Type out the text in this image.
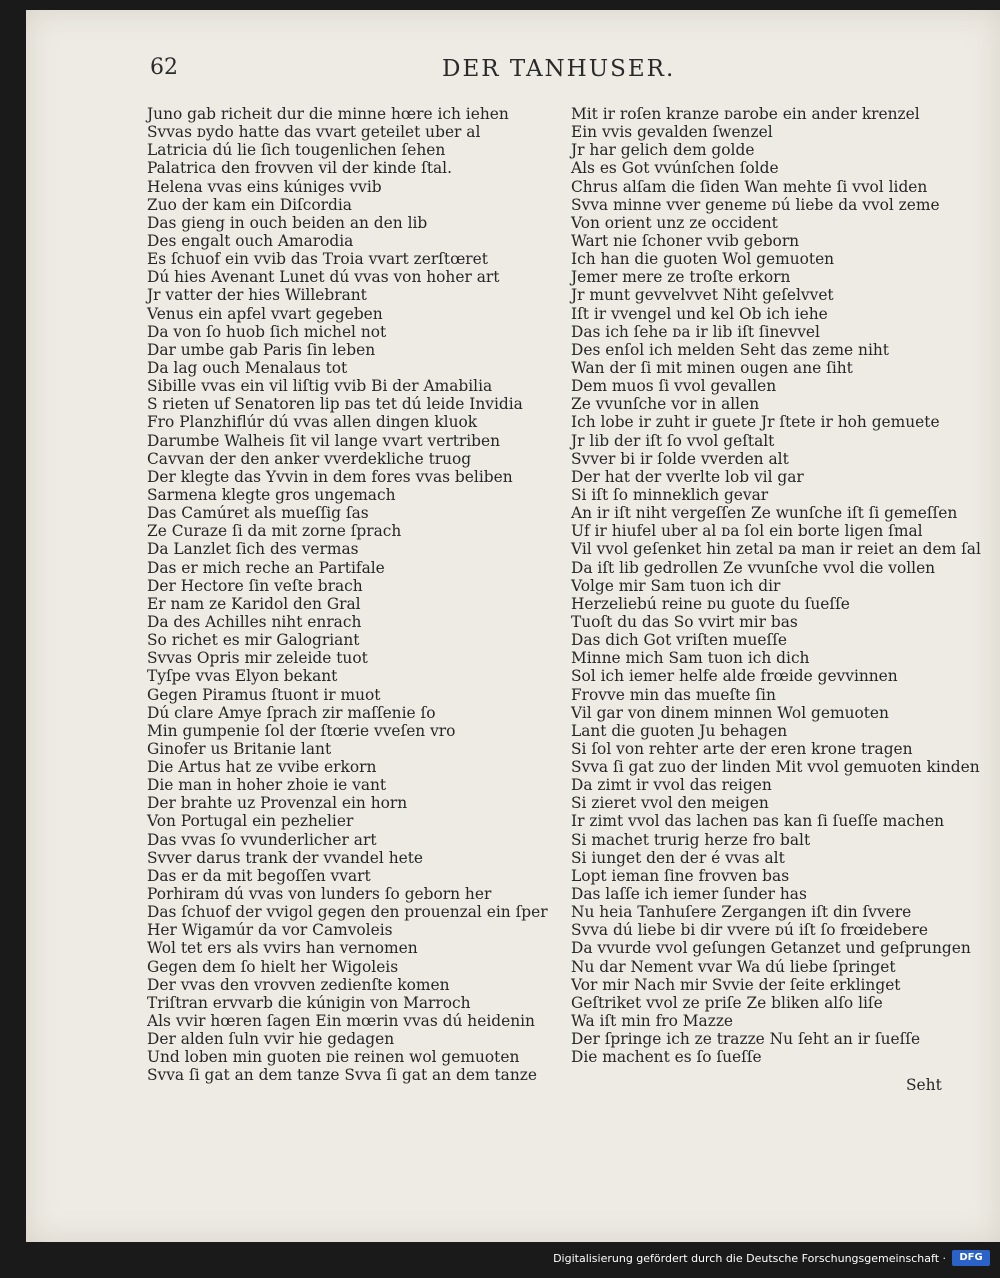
62	DER TANHUSER.
Juno gab richeit dur die minne hœre ich iehen
Svvas ᴅydo hatte das vvart geteilet uber al
Latricia dú lie ſich tougenlichen ſehen
Palatrica den frovven vil der kinde ſtal.
Helena vvas eins kúniges vvib
Zuo der kam ein Diſcordia
Das gieng in ouch beiden an den lib
Des engalt ouch Amarodia
Es ſchuof ein vvib das Troia vvart zerſtœret
Dú hies Avenant Lunet dú vvas von hoher art
Jr vatter der hies Willebrant
Venus ein apfel vvart gegeben
Da von ſo huob ſich michel not
Dar umbe gab Paris ſin leben
Da lag ouch Menalaus tot
Sibille vvas ein vil liſtig vvib Bi der Amabilia
S rieten uf Senatoren lip ᴅas tet dú leide Invidia
Fro Planzhiflúr dú vvas allen dingen kluok
Darumbe Walheis ſit vil lange vvart vertriben
Cavvan der den anker vverdekliche truog
Der klegte das Yvvin in dem fores vvas beliben
Sarmena klegte gros ungemach
Das Camúret als mueſſig ſas
Ze Curaze ſi da mit zorne ſprach
Da Lanzlet ſich des vermas
Das er mich reche an Partifale
Der Hectore ſin veſte brach
Er nam ze Karidol den Gral
Da des Achilles niht enrach
So richet es mir Galogriant
Svvas Opris mir zeleide tuot
Tyſpe vvas Elyon bekant
Gegen Piramus ſtuont ir muot
Dú clare Amye ſprach zir maſſenie ſo
Min gumpenie ſol der ſtœrie vveſen vro
Ginofer us Britanie lant
Die Artus hat ze vvibe erkorn
Die man in hoher zhoie ie vant
Der brahte uz Provenzal ein horn
Von Portugal ein pezhelier
Das vvas ſo vvunderlicher art
Svver darus trank der vvandel hete
Das er da mit begoſſen vvart
Porhiram dú vvas von lunders ſo geborn her
Das ſchuof der vvigol gegen den prouenzal ein ſper
Her Wigamúr da vor Camvoleis
Wol tet ers als vvirs han vernomen
Gegen dem ſo hielt her Wigoleis
Der vvas den vrovven zedienſte komen
Triſtran ervvarb die kúnigin von Marroch
Als vvir hœren ſagen Ein mœrin vvas dú heidenin
Der alden ſuln vvir hie gedagen
Und loben min guoten ᴅie reinen wol gemuoten
Svva ſi gat an dem tanze Svva ſi gat an dem tanze
Mit ir roſen kranze ᴅarobe ein ander krenzel
Ein vvis gevalden ſwenzel
Jr har gelich dem golde
Als es Got vvúnſchen ſolde
Chrus alſam die ſiden Wan mehte ſi vvol liden
Svva minne vver geneme ᴅú liebe da vvol zeme
Von orient unz ze occident
Wart nie ſchoner vvib geborn
Ich han die guoten Wol gemuoten
Jemer mere ze troſte erkorn
Jr munt gevvelvvet Niht geſelvvet
Iſt ir vvengel und kel Ob ich iehe
Das ich ſehe ᴅa ir lib iſt ſinevvel
Des enſol ich melden Seht das zeme niht
Wan der ſi mit minen ougen ane ſiht
Dem muos ſi vvol gevallen
Ze vvunſche vor in allen
Ich lobe ir zuht ir guete Jr ſtete ir hoh gemuete
Jr lib der iſt ſo vvol geſtalt
Svver bi ir ſolde vverden alt
Der hat der vverlte lob vil gar
Si iſt ſo minneklich gevar
An ir iſt niht vergeſſen Ze wunſche iſt ſi gemeſſen
Uf ir hiufel uber al ᴅa ſol ein borte ligen ſmal
Vil vvol geſenket hin zetal ᴅa man ir reiet an dem ſal
Da iſt lib gedrollen Ze vvunſche vvol die vollen
Volge mir Sam tuon ich dir
Herzeliebú reine ᴅu guote du ſueſſe
Tuoſt du das So vvirt mir bas
Das dich Got vriſten mueſſe
Minne mich Sam tuon ich dich
Sol ich iemer helfe alde frœide gevvinnen
Frovve min das mueſte ſin
Vil gar von dinem minnen Wol gemuoten
Lant die guoten Ju behagen
Si ſol von rehter arte der eren krone tragen
Svva ſi gat zuo der linden Mit vvol gemuoten kinden
Da zimt ir vvol das reigen
Si zieret vvol den meigen
Ir zimt vvol das lachen ᴅas kan ſi ſueſſe machen
Si machet trurig herze fro balt
Si iunget den der é vvas alt
Lopt ieman ſine frovven bas
Das laſſe ich iemer ſunder has
Nu heia Tanhuſere Zergangen iſt din ſvvere
Svva dú liebe bi dir vvere ᴅú iſt ſo frœidebere
Da vvurde vvol geſungen Getanzet und geſprungen
Nu dar Nement vvar Wa dú liebe ſpringet
Vor mir Nach mir Svvie der ſeite erklinget
Geſtriket vvol ze priſe Ze bliken alſo liſe
Wa iſt min fro Mazze
Der ſpringe ich ze trazze Nu ſeht an ir ſueſſe
Die machent es ſo ſueſſe
Seht
Digitalisierung gefördert durch die Deutsche Forschungsgemeinschaft ·	DFG
